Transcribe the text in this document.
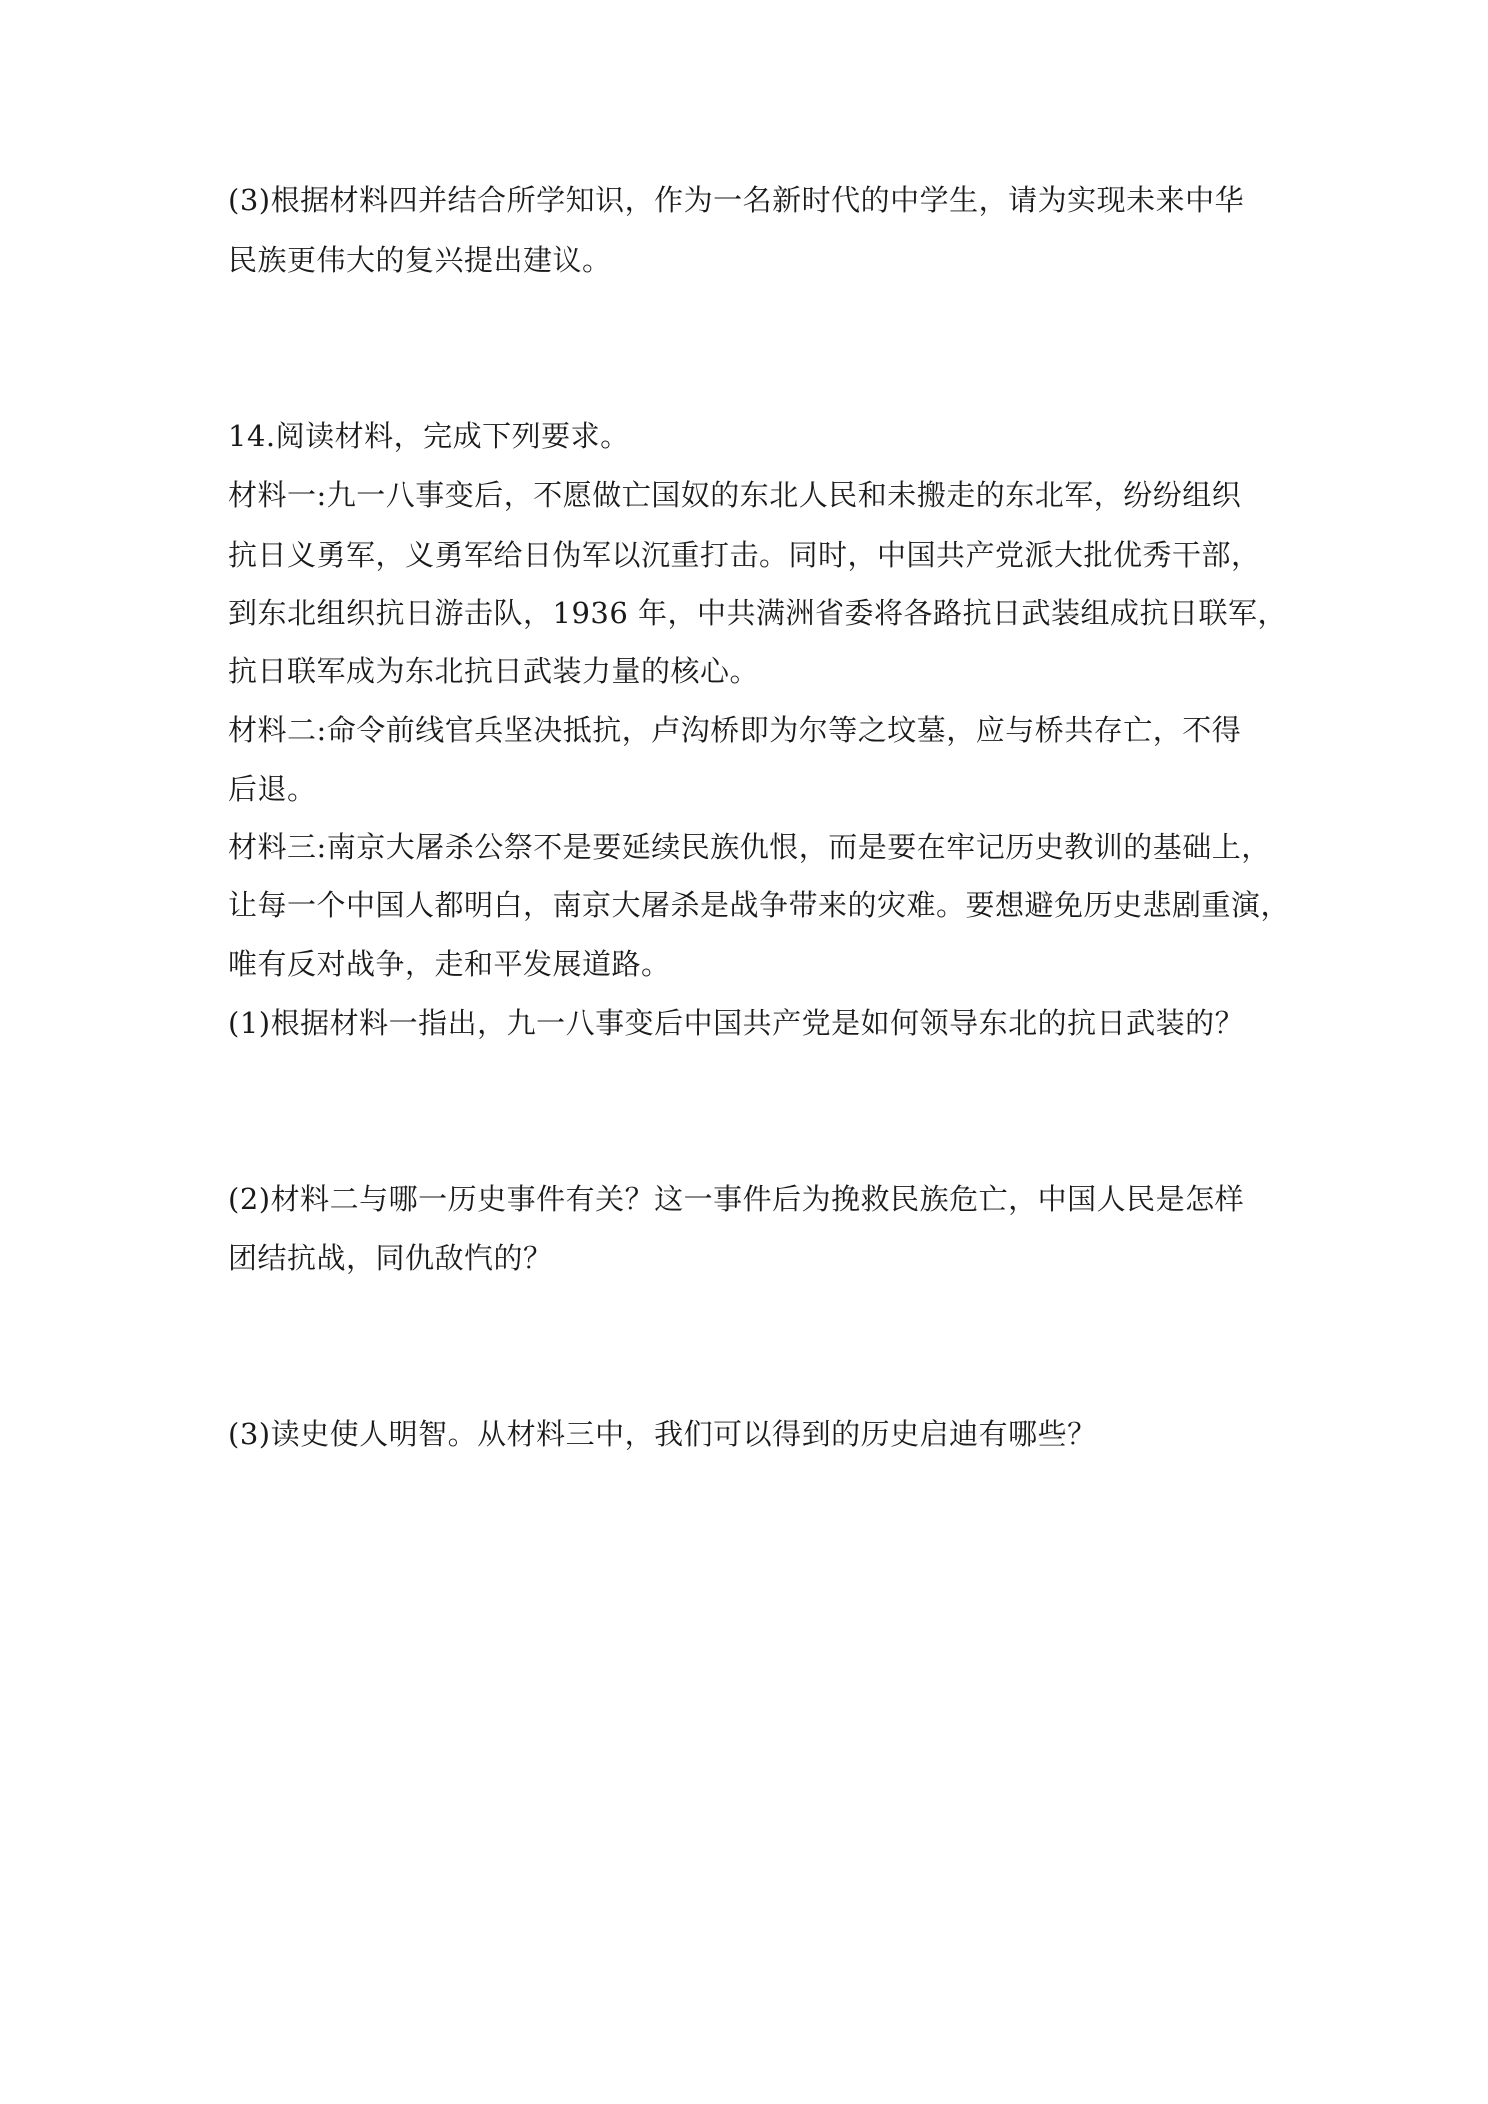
(3)根据材料四并结合所学知识，作为一名新时代的中学生，请为实现未来中华
民族更伟大的复兴提出建议。
14.阅读材料，完成下列要求。
材料一:九一八事变后，不愿做亡国奴的东北人民和未搬走的东北军，纷纷组织
抗日义勇军，义勇军给日伪军以沉重打击。同时，中国共产党派大批优秀干部，
到东北组织抗日游击队，1936 年，中共满洲省委将各路抗日武装组成抗日联军，
抗日联军成为东北抗日武装力量的核心。
材料二:命令前线官兵坚决抵抗，卢沟桥即为尔等之坟墓，应与桥共存亡，不得
后退。
材料三:南京大屠杀公祭不是要延续民族仇恨，而是要在牢记历史教训的基础上，
让每一个中国人都明白，南京大屠杀是战争带来的灾难。要想避免历史悲剧重演，
唯有反对战争，走和平发展道路。
(1)根据材料一指出，九一八事变后中国共产党是如何领导东北的抗日武装的？
(2)材料二与哪一历史事件有关？这一事件后为挽救民族危亡，中国人民是怎样
团结抗战，同仇敌忾的？
(3)读史使人明智。从材料三中，我们可以得到的历史启迪有哪些？
